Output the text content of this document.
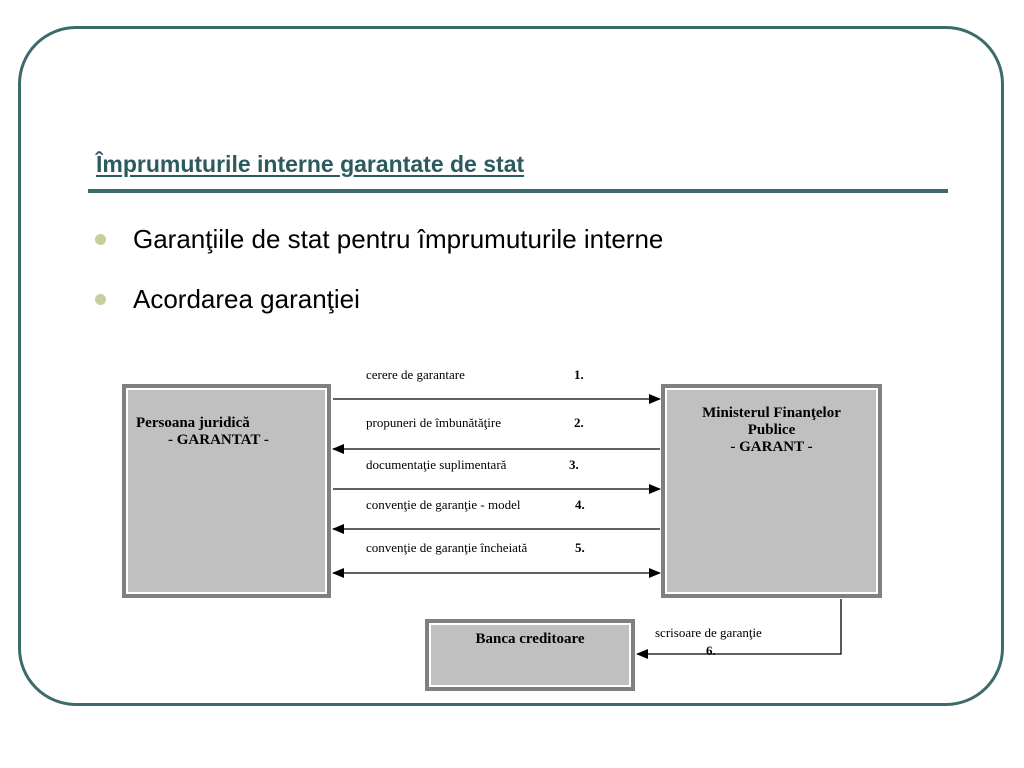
Împrumuturile interne garantate de stat
Garanţiile de stat pentru împrumuturile interne
Acordarea garanţiei
Persoana juridică
- GARANTAT -
Ministerul Finanţelor
Publice
- GARANT -
Banca creditoare
cerere de garantare	1.
propuneri de îmbunătăţire	2.
documentaţie suplimentară	3.
convenţie de garanţie - model	4.
convenţie de garanţie încheiată	5.
scrisoare de garanţie
6.
